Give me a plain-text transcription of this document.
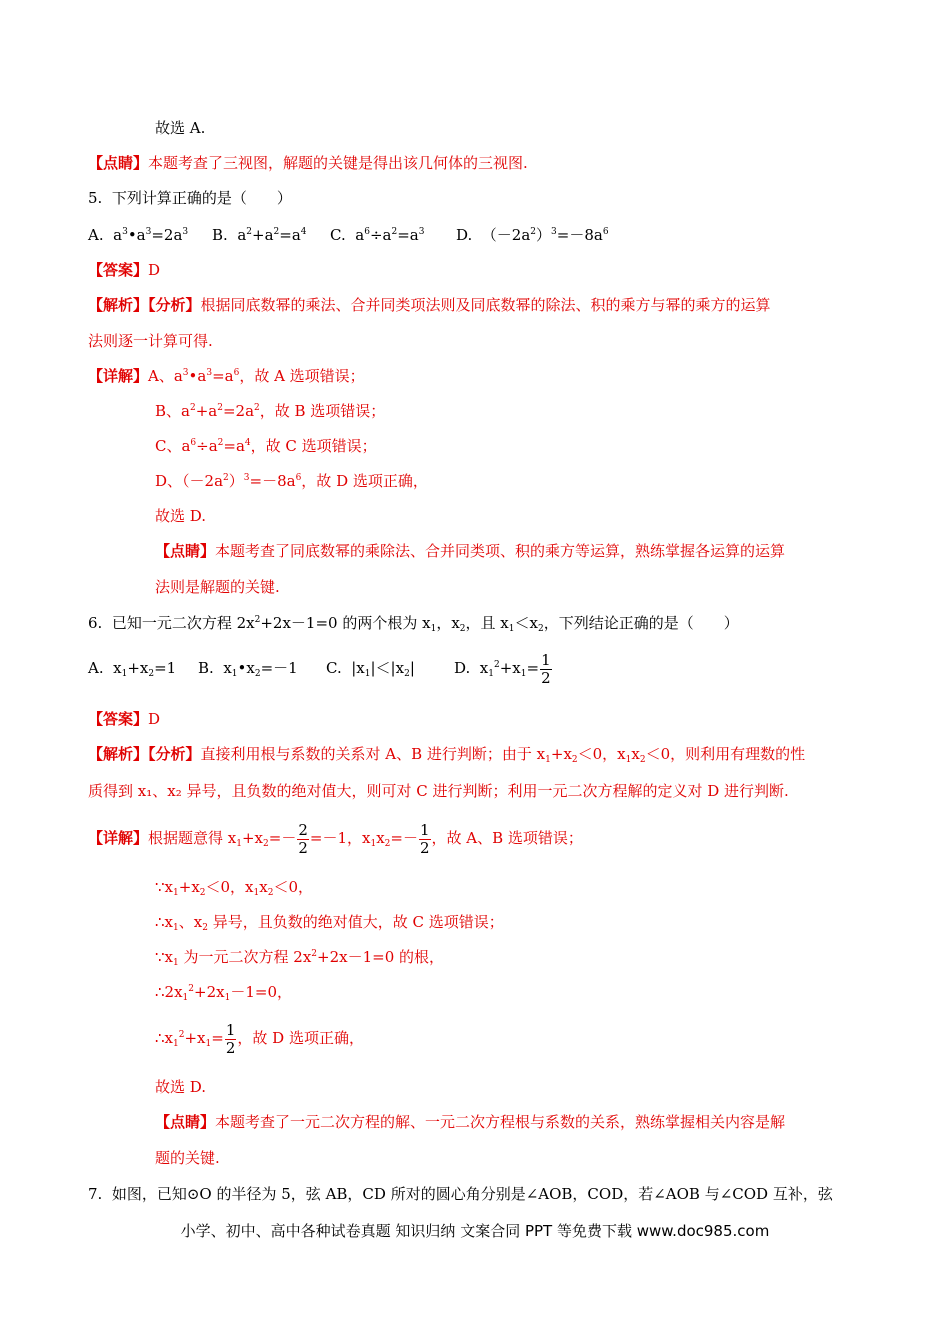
故选 A.
【点睛】本题考查了三视图，解题的关键是得出该几何体的三视图.
5. 下列计算正确的是（　　）
A.  $a^3•a^3=2a^3$ B.  $a^2+a^2=a^4$ C.  $a^6\div a^2=a^3$ D.  $(-2a^2)^3=-8a^6$
【答案】D
【解析】【分析】根据同底数幂的乘法、合并同类项法则及同底数幂的除法、积的乘方与幂的乘方的运算
法则逐一计算可得.
【详解】A、$a^3•a^3=a^6$，故 A 选项错误；
B、$a^2+a^2=2a^2$，故 B 选项错误；
C、$a^6\div a^2=a^4$，故 C 选项错误；
D、$(-2a^2)^3=-8a^6$，故 D 选项正确，
故选 D.
【点睛】本题考查了同底数幂的乘除法、合并同类项、积的乘方等运算，熟练掌握各运算的运算
法则是解题的关键.
6.  已知一元二次方程 $2x^2+2x-1=0$ 的两个根为 $x_1$，$x_2$，且 $x_1<x_2$，下列结论正确的是（　　）
A.  $x_1+x_2=1$ B.  $x_1•x_2=-1$ C.  $|x_1|<|x_2|$	D.  $x_1^2+x_1= \frac{1}{2}$
【答案】D
【解析】【分析】直接利用根与系数的关系对 A、B 进行判断；由于 $x_1+x_2<0$，$x_1x_2<0$，则利用有理数的性
质得到 x₁、x₂ 异号，且负数的绝对值大，则可对 C 进行判断；利用一元二次方程解的定义对 D 进行判断.
【详解】根据题意得 $x_1+x_2=- \frac{2}{2} =-1$，$x_1x_2=- \frac{1}{2}$ ，故 A、B 选项错误；
$\because x_1+x_2<0$，$x_1x_2<0$，
$\therefore x_1$、$x_2$ 异号，且负数的绝对值大，故 C 选项错误；
$\because x_1$ 为一元二次方程 $2x^2+2x-1=0$ 的根，
$\therefore 2x_1^2+2x_1-1=0$，
$\therefore x_1^2+x_1= \frac{1}{2}$ ，故 D 选项正确，
故选 D.
【点睛】本题考查了一元二次方程的解、一元二次方程根与系数的关系，熟练掌握相关内容是解
题的关键.
7. 如图，已知⊙O 的半径为 5，弦 AB，CD 所对的圆心角分别是∠AOB，COD，若∠AOB 与∠COD 互补，弦
小学、初中、高中各种试卷真题 知识归纳 文案合同 PPT 等免费下载 www.doc985.com
